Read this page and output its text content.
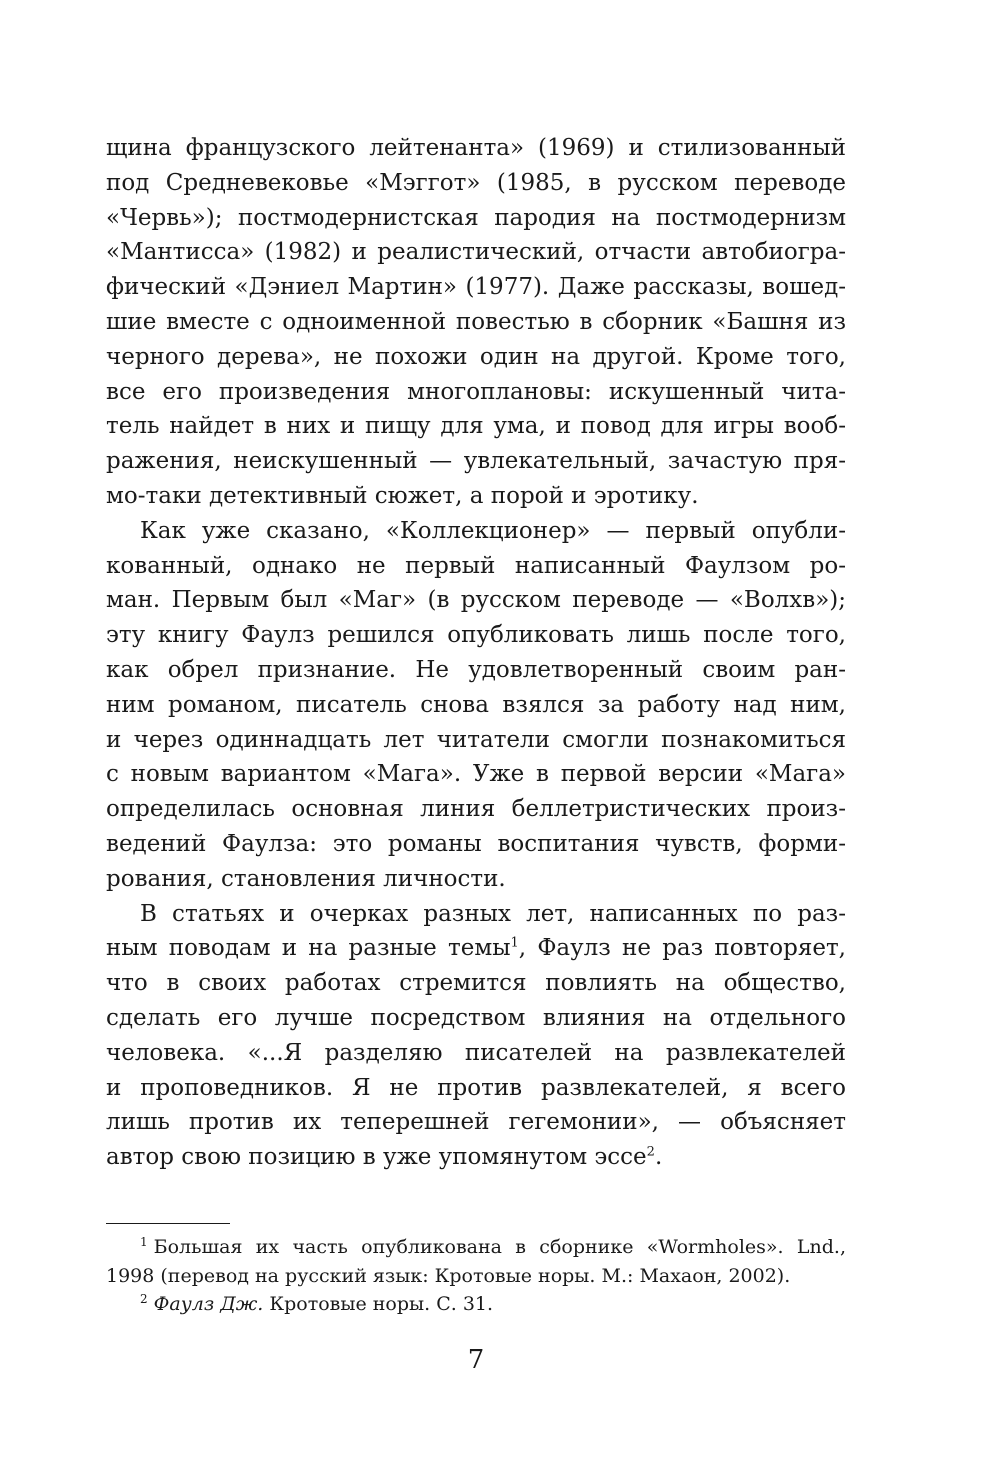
щина французского лейтенанта» (1969) и стилизованный
под Средневековье «Мэггот» (1985, в русском переводе
«Червь»); постмодернистская пародия на постмодернизм
«Мантисса» (1982) и реалистический, отчасти автобиогра-
фический «Дэниел Мартин» (1977). Даже рассказы, вошед-
шие вместе с одноименной повестью в сборник «Башня из
черного дерева», не похожи один на другой. Кроме того,
все его произведения многоплановы: искушенный чита-
тель найдет в них и пищу для ума, и повод для игры вооб-
ражения, неискушенный — увлекательный, зачастую пря-
мо-таки детективный сюжет, а порой и эротику.
Как уже сказано, «Коллекционер» — первый опубли-
кованный, однако не первый написанный Фаулзом ро-
ман. Первым был «Маг» (в русском переводе — «Волхв»);
эту книгу Фаулз решился опубликовать лишь после того,
как обрел признание. Не удовлетворенный своим ран-
ним романом, писатель снова взялся за работу над ним,
и через одиннадцать лет читатели смогли познакомиться
с новым вариантом «Мага». Уже в первой версии «Мага»
определилась основная линия беллетристических произ-
ведений Фаулза: это романы воспитания чувств, форми-
рования, становления личности.
В статьях и очерках разных лет, написанных по раз-
ным поводам и на разные темы$^1$, Фаулз не раз повторяет,
что в своих работах стремится повлиять на общество,
сделать его лучше посредством влияния на отдельного
человека. «...Я разделяю писателей на развлекателей
и проповедников. Я не против развлекателей, я всего
лишь против их теперешней гегемонии», — объясняет
автор свою позицию в уже упомянутом эссе$^2$.
$^1$ Большая их часть опубликована в сборнике «Wormholes». Lnd.,
1998 (перевод на русский язык: Кротовые норы. М.: Махаон, 2002).
$^2$ Фаулз Дж. Кротовые норы. С. 31.
7
